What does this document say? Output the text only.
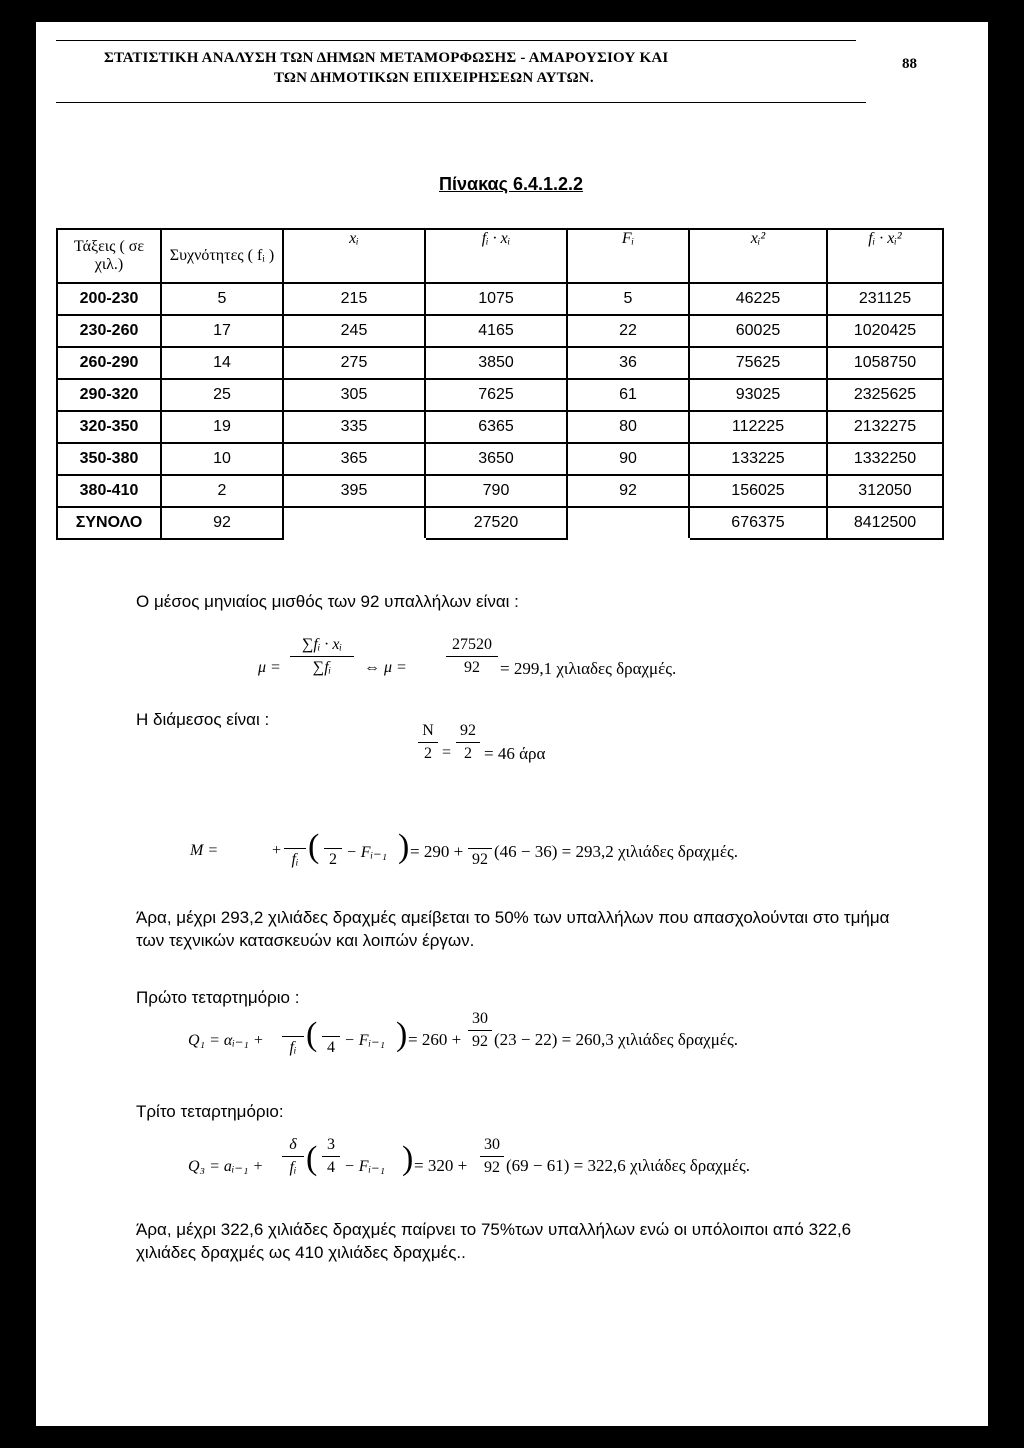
ΣΤΑΤΙΣΤΙΚΗ ΑΝΑΛΥΣΗ ΤΩΝ ΔΗΜΩΝ ΜΕΤΑΜΟΡΦΩΣΗΣ - ΑΜΑΡΟΥΣΙΟΥ ΚΑΙ
ΤΩΝ ΔΗΜΟΤΙΚΩΝ ΕΠΙΧΕΙΡΗΣΕΩΝ ΑΥΤΩΝ.
88
Πίνακας 6.4.1.2.2
Τάξεις ( σε χιλ.)	Συχνότητες ( fᵢ )	xᵢ	fᵢ · xᵢ	Fᵢ	xᵢ²	fᵢ · xᵢ²
200-230	5	215	1075	5	46225	231125
230-260	17	245	4165	22	60025	1020425
260-290	14	275	3850	36	75625	1058750
290-320	25	305	7625	61	93025	2325625
320-350	19	335	6365	80	112225	2132275
350-380	10	365	3650	90	133225	1332250
380-410	2	395	790	92	156025	312050
ΣΥΝΟΛΟ	92		27520		676375	8412500
Ο μέσος μηνιαίος μισθός των 92 υπαλλήλων είναι :
μ =
∑fᵢ · xᵢ
∑fᵢ	⇔ μ =
27520
92	= 299,1 χιλιαδες δραχμές.
Η διάμεσος είναι :
N
2 =
92
2 = 46 άρα
M =	+

fᵢ (
2 − Fᵢ₋₁ ) = 290 +
92 (46 − 36) = 293,2 χιλιάδες δραχμές.
Άρα, μέχρι 293,2 χιλιάδες δραχμές αμείβεται το 50% των υπαλλήλων που απασχολούνται στο τμήμα των τεχνικών κατασκευών και λοιπών έργων.
Πρώτο τεταρτημόριο :
Q₁ = αᵢ₋₁ +
	fᵢ (
4 − Fᵢ₋₁ ) = 260 +
30
92 (23 − 22) = 260,3 χιλιάδες δραχμές.
Τρίτο τεταρτημόριο:
Q₃ = aᵢ₋₁ +
δ
fᵢ ( 3
4 − Fᵢ₋₁ ) = 320 +
30
92 (69 − 61) = 322,6 χιλιάδες δραχμές.
Άρα, μέχρι 322,6 χιλιάδες δραχμές παίρνει το 75%των υπαλλήλων ενώ οι υπόλοιποι από 322,6 χιλιάδες δραχμές ως 410 χιλιάδες δραχμές..
